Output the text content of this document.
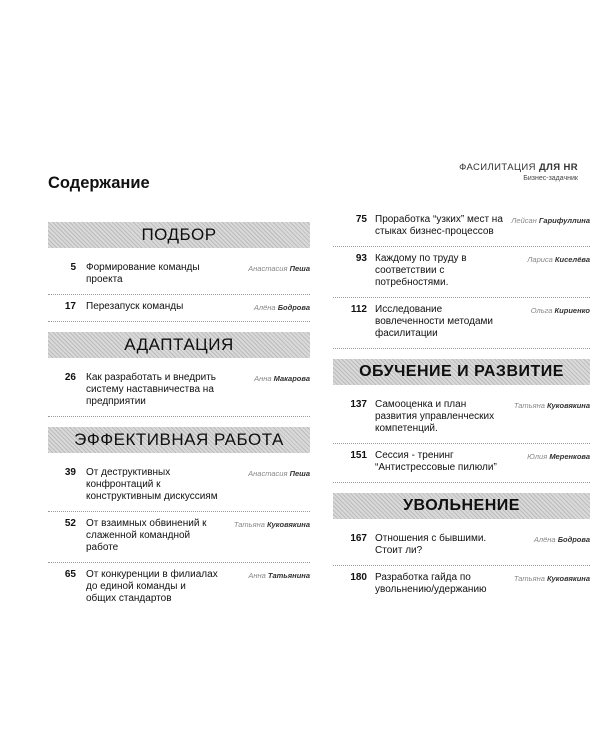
ФАСИЛИТАЦИЯ ДЛЯ HR
Бизнес-задачник
Содержание
ПОДБОР
5 Формирование команды проекта
Анастасия Пеша
17 Перезапуск команды	Алёна Бодрова
АДАПТАЦИЯ
26 Как разработать и внедрить систему наставничества на предприятии
Анна Макарова
ЭФФЕКТИВНАЯ РАБОТА
39 От деструктивных конфронтаций к конструктивным дискуссиям
Анастасия Пеша
52 От взаимных обвинений к слаженной командной работе
Татьяна Куковякина
65 От конкуренции в филиалах до единой команды и общих стандартов
Анна Татьянина
75 Проработка “узких” мест на стыках бизнес-процессов
Лейсан Гарифуллина
93 Каждому по труду в соответствии с потребностями.
Лариса Киселёва
112 Исследование вовлеченности методами фасилитации
Ольга Кириенко
ОБУЧЕНИЕ И РАЗВИТИЕ
137 Самооценка и план развития управленческих компетенций.
Татьяна Куковякина
151 Сессия - тренинг “Антистрессовые пилюли”
Юлия Меренкова
УВОЛЬНЕНИЕ
167 Отношения с бывшими. Стоит ли?
Алёна Бодрова
180 Разработка гайда по увольнению/удержанию
Татьяна Куковякина
